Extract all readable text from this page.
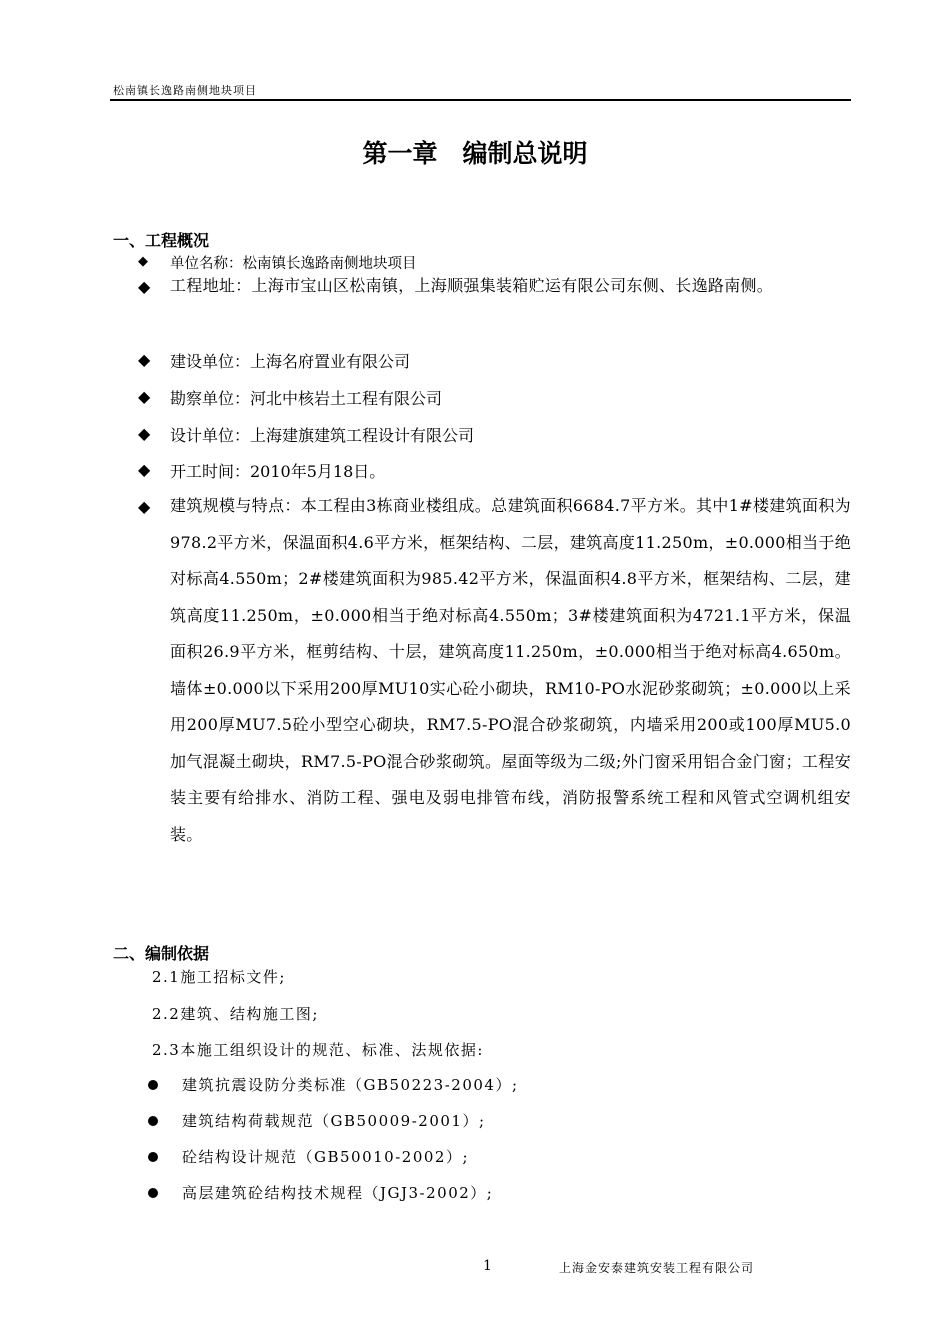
松南镇长逸路南侧地块项目
第一章　编制总说明
一、工程概况
◆ 单位名称：松南镇长逸路南侧地块项目
◆ 工程地址：上海市宝山区松南镇，上海顺强集装箱贮运有限公司东侧、长逸路南侧。
◆ 建设单位：上海名府置业有限公司
◆ 勘察单位：河北中核岩土工程有限公司
◆ 设计单位：上海建旗建筑工程设计有限公司
◆ 开工时间：2010年5月18日。
◆ 建筑规模与特点：本工程由3栋商业楼组成。总建筑面积6684.7平方米。其中1#楼建筑面积为978.2平方米，保温面积4.6平方米，框架结构、二层，建筑高度11.250m，±0.000相当于绝对标高4.550m；2#楼建筑面积为985.42平方米，保温面积4.8平方米，框架结构、二层，建筑高度11.250m，±0.000相当于绝对标高4.550m；3#楼建筑面积为4721.1平方米，保温面积26.9平方米，框剪结构、十层，建筑高度11.250m，±0.000相当于绝对标高4.650m。墙体±0.000以下采用200厚MU10实心砼小砌块，RM10-PO水泥砂浆砌筑；±0.000以上采用200厚MU7.5砼小型空心砌块，RM7.5-PO混合砂浆砌筑，内墙采用200或100厚MU5.0加气混凝土砌块，RM7.5-PO混合砂浆砌筑。屋面等级为二级;外门窗采用铝合金门窗；工程安装主要有给排水、消防工程、强电及弱电排管布线，消防报警系统工程和风管式空调机组安装。
二、编制依据
2.1施工招标文件;
2.2建筑、结构施工图;
2.3本施工组织设计的规范、标准、法规依据:
建筑抗震设防分类标准（GB50223-2004）;
建筑结构荷载规范（GB50009-2001）;
砼结构设计规范（GB50010-2002）;
高层建筑砼结构技术规程（JGJ3-2002）;
1	上海金安泰建筑安装工程有限公司
